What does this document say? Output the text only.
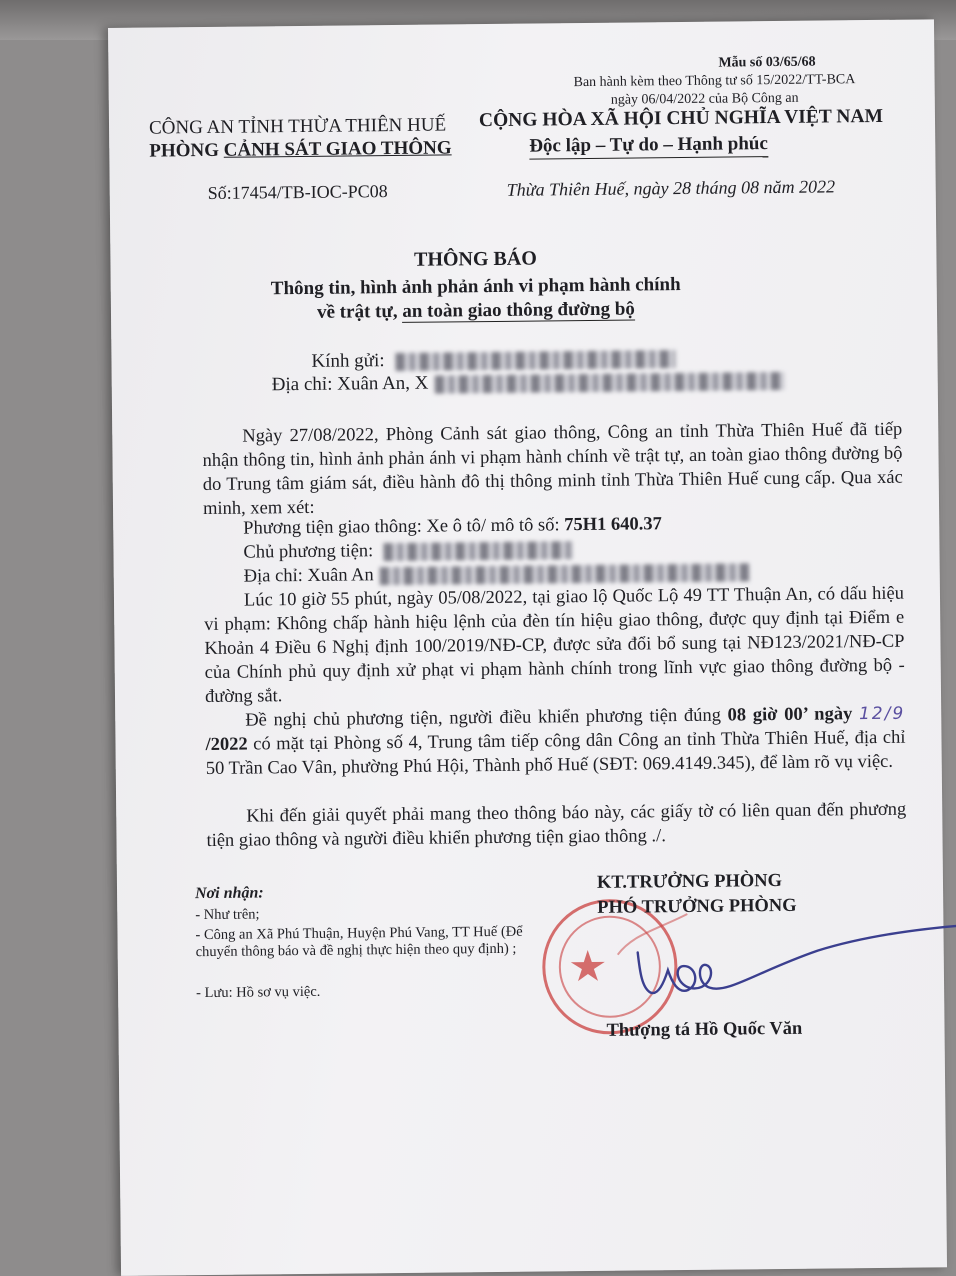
Mẫu số 03/65/68
Ban hành kèm theo Thông tư số 15/2022/TT-BCA
ngày 06/04/2022 của Bộ Công an
CÔNG AN TỈNH THỪA THIÊN HUẾ
PHÒNG CẢNH SÁT GIAO THÔNG
CỘNG HÒA XÃ HỘI CHỦ NGHĨA VIỆT NAM
Độc lập – Tự do – Hạnh phúc
Số:17454/TB-IOC-PC08	Thừa Thiên Huế, ngày 28 tháng 08 năm 2022
THÔNG BÁO
Thông tin, hình ảnh phản ánh vi phạm hành chính
về trật tự, an toàn giao thông đường bộ
Kính gửi:
Địa chỉ: Xuân An, X
Ngày 27/08/2022, Phòng Cảnh sát giao thông, Công an tỉnh Thừa Thiên Huế đã tiếp nhận thông tin, hình ảnh phản ánh vi phạm hành chính về trật tự, an toàn giao thông đường bộ do Trung tâm giám sát, điều hành đô thị thông minh tỉnh Thừa Thiên Huế cung cấp. Qua xác minh, xem xét:
Phương tiện giao thông: Xe ô tô/ mô tô số: 75H1 640.37
Chủ phương tiện:
Địa chỉ: Xuân An
Lúc 10 giờ 55 phút, ngày 05/08/2022, tại giao lộ Quốc Lộ 49 TT Thuận An, có dấu hiệu vi phạm: Không chấp hành hiệu lệnh của đèn tín hiệu giao thông, được quy định tại Điểm e Khoản 4 Điều 6 Nghị định 100/2019/NĐ-CP, được sửa đổi bổ sung tại NĐ123/2021/NĐ-CP của Chính phủ quy định xử phạt vi phạm hành chính trong lĩnh vực giao thông đường bộ - đường sắt.
Đề nghị chủ phương tiện, người điều khiển phương tiện đúng 08 giờ 00’ ngày 12/9 /2022 có mặt tại Phòng số 4, Trung tâm tiếp công dân Công an tỉnh Thừa Thiên Huế, địa chỉ 50 Trần Cao Vân, phường Phú Hội, Thành phố Huế (SĐT: 069.4149.345), để làm rõ vụ việc.
Khi đến giải quyết phải mang theo thông báo này, các giấy tờ có liên quan đến phương tiện giao thông và người điều khiển phương tiện giao thông ./.
Nơi nhận:
- Như trên;
- Công an Xã Phú Thuận, Huyện Phú Vang, TT Huế (Để chuyển thông báo và đề nghị thực hiện theo quy định) ;
- Lưu: Hồ sơ vụ việc.
KT.TRƯỞNG PHÒNG
PHÓ TRƯỞNG PHÒNG
Thượng tá Hồ Quốc Văn
